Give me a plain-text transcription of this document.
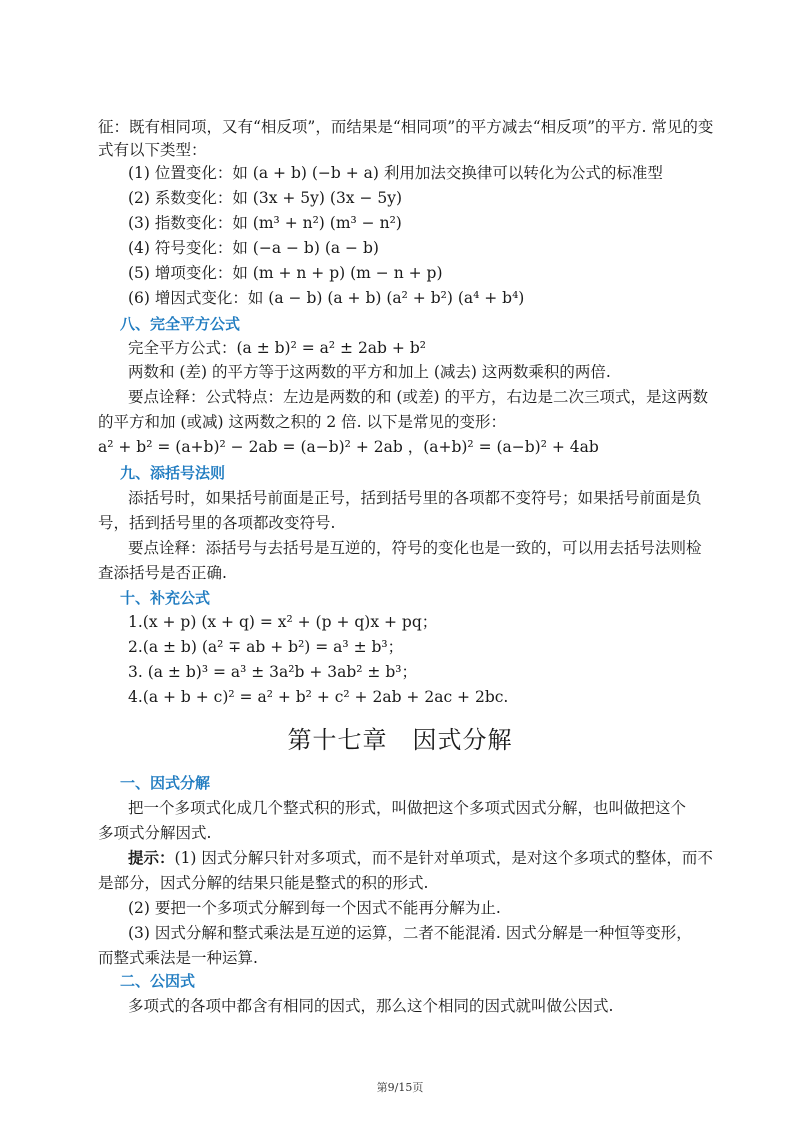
征：既有相同项，又有“相反项”，而结果是“相同项”的平方减去“相反项”的平方. 常见的变
式有以下类型：
(1) 位置变化：如 (a + b) (−b + a) 利用加法交换律可以转化为公式的标准型
(2) 系数变化：如 (3x + 5y) (3x − 5y)
(3) 指数变化：如 (m³ + n²) (m³ − n²)
(4) 符号变化：如 (−a − b) (a − b)
(5) 增项变化：如 (m + n + p) (m − n + p)
(6) 增因式变化：如 (a − b) (a + b) (a² + b²) (a⁴ + b⁴)
八、完全平方公式
完全平方公式：(a ± b)² = a² ± 2ab + b²
两数和 (差) 的平方等于这两数的平方和加上 (减去) 这两数乘积的两倍.
要点诠释：公式特点：左边是两数的和 (或差) 的平方，右边是二次三项式，是这两数
的平方和加 (或减) 这两数之积的 2 倍. 以下是常见的变形：
a² + b² = (a+b)² − 2ab = (a−b)² + 2ab ，(a+b)² = (a−b)² + 4ab
九、添括号法则
添括号时，如果括号前面是正号，括到括号里的各项都不变符号；如果括号前面是负
号，括到括号里的各项都改变符号.
要点诠释：添括号与去括号是互逆的，符号的变化也是一致的，可以用去括号法则检
查添括号是否正确.
十、补充公式
1.(x + p) (x + q) = x² + (p + q)x + pq；
2.(a ± b) (a² ∓ ab + b²) = a³ ± b³；
3. (a ± b)³ = a³ ± 3a²b + 3ab² ± b³；
4.(a + b + c)² = a² + b² + c² + 2ab + 2ac + 2bc.
第十七章　因式分解
一、因式分解
把一个多项式化成几个整式积的形式，叫做把这个多项式因式分解，也叫做把这个
多项式分解因式.
提示：(1) 因式分解只针对多项式，而不是针对单项式，是对这个多项式的整体，而不
是部分，因式分解的结果只能是整式的积的形式.
(2) 要把一个多项式分解到每一个因式不能再分解为止.
(3) 因式分解和整式乘法是互逆的运算，二者不能混淆. 因式分解是一种恒等变形，
而整式乘法是一种运算.
二、公因式
多项式的各项中都含有相同的因式，那么这个相同的因式就叫做公因式.
第9/15页
